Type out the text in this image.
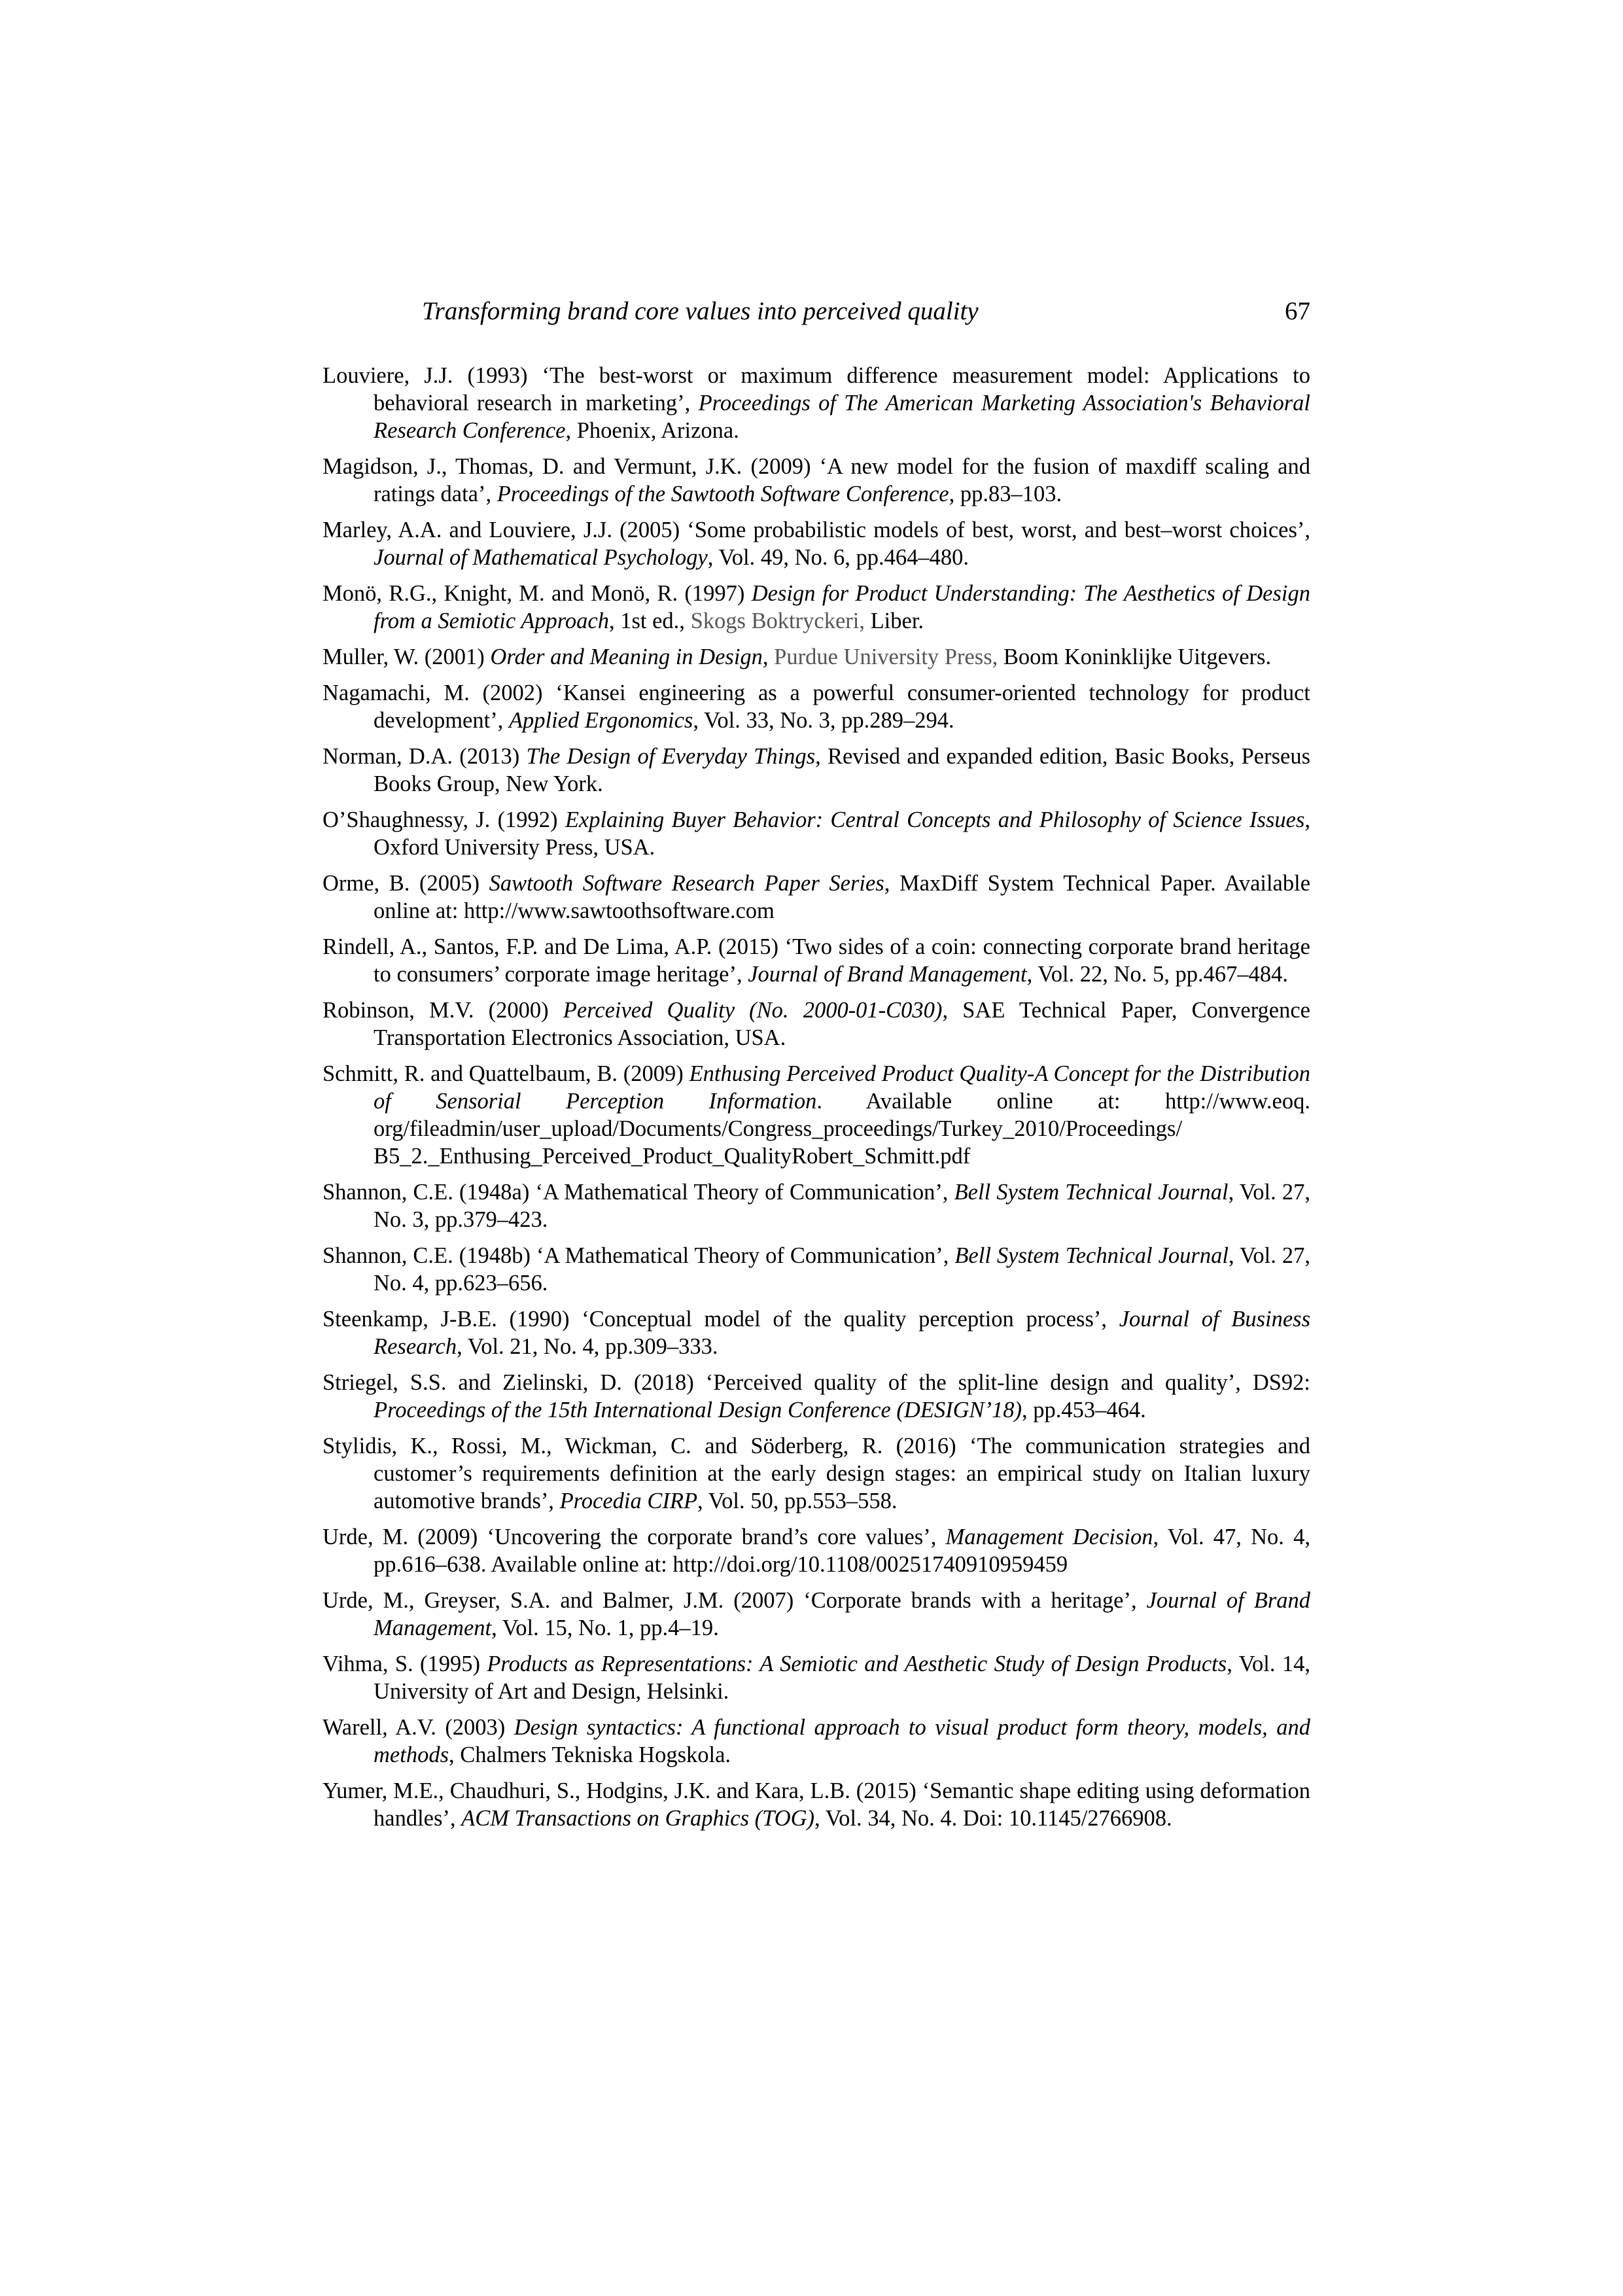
Transforming brand core values into perceived quality	67

Louviere, J.J. (1993) ‘The best-worst or maximum difference measurement model: Applications to behavioral research in marketing’, Proceedings of The American Marketing Association's Behavioral Research Conference, Phoenix, Arizona.

Magidson, J., Thomas, D. and Vermunt, J.K. (2009) ‘A new model for the fusion of maxdiff scaling and ratings data’, Proceedings of the Sawtooth Software Conference, pp.83–103.

Marley, A.A. and Louviere, J.J. (2005) ‘Some probabilistic models of best, worst, and best–worst choices’, Journal of Mathematical Psychology, Vol. 49, No. 6, pp.464–480.

Monö, R.G., Knight, M. and Monö, R. (1997) Design for Product Understanding: The Aesthetics of Design from a Semiotic Approach, 1st ed., Skogs Boktryckeri, Liber.

Muller, W. (2001) Order and Meaning in Design, Purdue University Press, Boom Koninklijke Uitgevers.

Nagamachi, M. (2002) ‘Kansei engineering as a powerful consumer-oriented technology for product development’, Applied Ergonomics, Vol. 33, No. 3, pp.289–294.

Norman, D.A. (2013) The Design of Everyday Things, Revised and expanded edition, Basic Books, Perseus Books Group, New York.

O’Shaughnessy, J. (1992) Explaining Buyer Behavior: Central Concepts and Philosophy of Science Issues, Oxford University Press, USA.

Orme, B. (2005) Sawtooth Software Research Paper Series, MaxDiff System Technical Paper. Available online at: http://www.sawtoothsoftware.com

Rindell, A., Santos, F.P. and De Lima, A.P. (2015) ‘Two sides of a coin: connecting corporate brand heritage to consumers’ corporate image heritage’, Journal of Brand Management, Vol. 22, No. 5, pp.467–484.

Robinson, M.V. (2000) Perceived Quality (No. 2000-01-C030), SAE Technical Paper, Convergence Transportation Electronics Association, USA.

Schmitt, R. and Quattelbaum, B. (2009) Enthusing Perceived Product Quality-A Concept for the Distribution of Sensorial Perception Information. Available online at: http://www.eoq. org/fileadmin/user_upload/Documents/Congress_proceedings/Turkey_2010/Proceedings/ B5_2._Enthusing_Perceived_Product_QualityRobert_Schmitt.pdf

Shannon, C.E. (1948a) ‘A Mathematical Theory of Communication’, Bell System Technical Journal, Vol. 27, No. 3, pp.379–423.

Shannon, C.E. (1948b) ‘A Mathematical Theory of Communication’, Bell System Technical Journal, Vol. 27, No. 4, pp.623–656.

Steenkamp, J-B.E. (1990) ‘Conceptual model of the quality perception process’, Journal of Business Research, Vol. 21, No. 4, pp.309–333.

Striegel, S.S. and Zielinski, D. (2018) ‘Perceived quality of the split-line design and quality’, DS92: Proceedings of the 15th International Design Conference (DESIGN’18), pp.453–464.

Stylidis, K., Rossi, M., Wickman, C. and Söderberg, R. (2016) ‘The communication strategies and customer’s requirements definition at the early design stages: an empirical study on Italian luxury automotive brands’, Procedia CIRP, Vol. 50, pp.553–558.

Urde, M. (2009) ‘Uncovering the corporate brand’s core values’, Management Decision, Vol. 47, No. 4, pp.616–638. Available online at: http://doi.org/10.1108/00251740910959459

Urde, M., Greyser, S.A. and Balmer, J.M. (2007) ‘Corporate brands with a heritage’, Journal of Brand Management, Vol. 15, No. 1, pp.4–19.

Vihma, S. (1995) Products as Representations: A Semiotic and Aesthetic Study of Design Products, Vol. 14, University of Art and Design, Helsinki.

Warell, A.V. (2003) Design syntactics: A functional approach to visual product form theory, models, and methods, Chalmers Tekniska Hogskola.

Yumer, M.E., Chaudhuri, S., Hodgins, J.K. and Kara, L.B. (2015) ‘Semantic shape editing using deformation handles’, ACM Transactions on Graphics (TOG), Vol. 34, No. 4. Doi: 10.1145/2766908.
